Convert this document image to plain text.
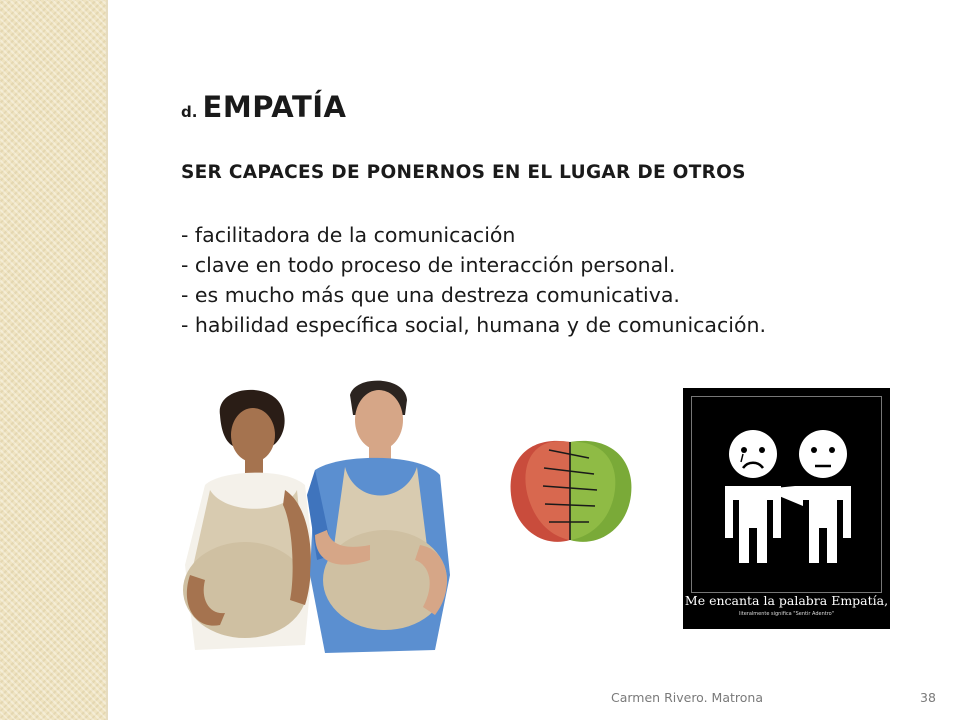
d. EMPATÍA
SER CAPACES DE PONERNOS EN EL LUGAR DE OTROS
- facilitadora de la comunicación
- clave en todo proceso de interacción personal.
- es mucho más que una destreza comunicativa.
- habilidad específica social, humana y de comunicación.
Me encanta la palabra Empatía,
literalmente significa "Sentir Adentro"
Carmen Rivero. Matrona	38
